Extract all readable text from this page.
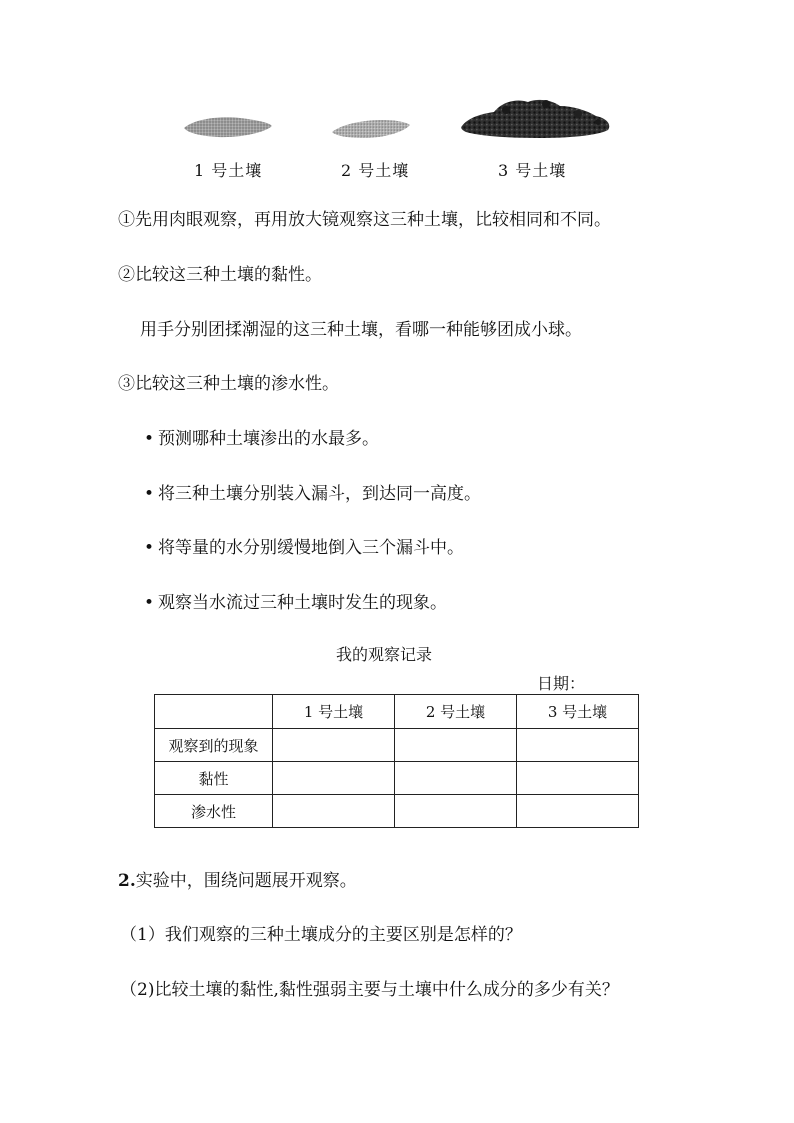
1 号土壤	2 号土壤	3 号土壤
①先用肉眼观察，再用放大镜观察这三种土壤，比较相同和不同。
②比较这三种土壤的黏性。
用手分别团揉潮湿的这三种土壤，看哪一种能够团成小球。
③比较这三种土壤的渗水性。
• 预测哪种土壤渗出的水最多。
• 将三种土壤分别装入漏斗，到达同一高度。
• 将等量的水分别缓慢地倒入三个漏斗中。
• 观察当水流过三种土壤时发生的现象。
我的观察记录
日期：
	1 号土壤	2 号土壤	3 号土壤
观察到的现象			
黏性			
渗水性			
2.实验中，围绕问题展开观察。
（1）我们观察的三种土壤成分的主要区别是怎样的？
（2)比较土壤的黏性,黏性强弱主要与土壤中什么成分的多少有关？
